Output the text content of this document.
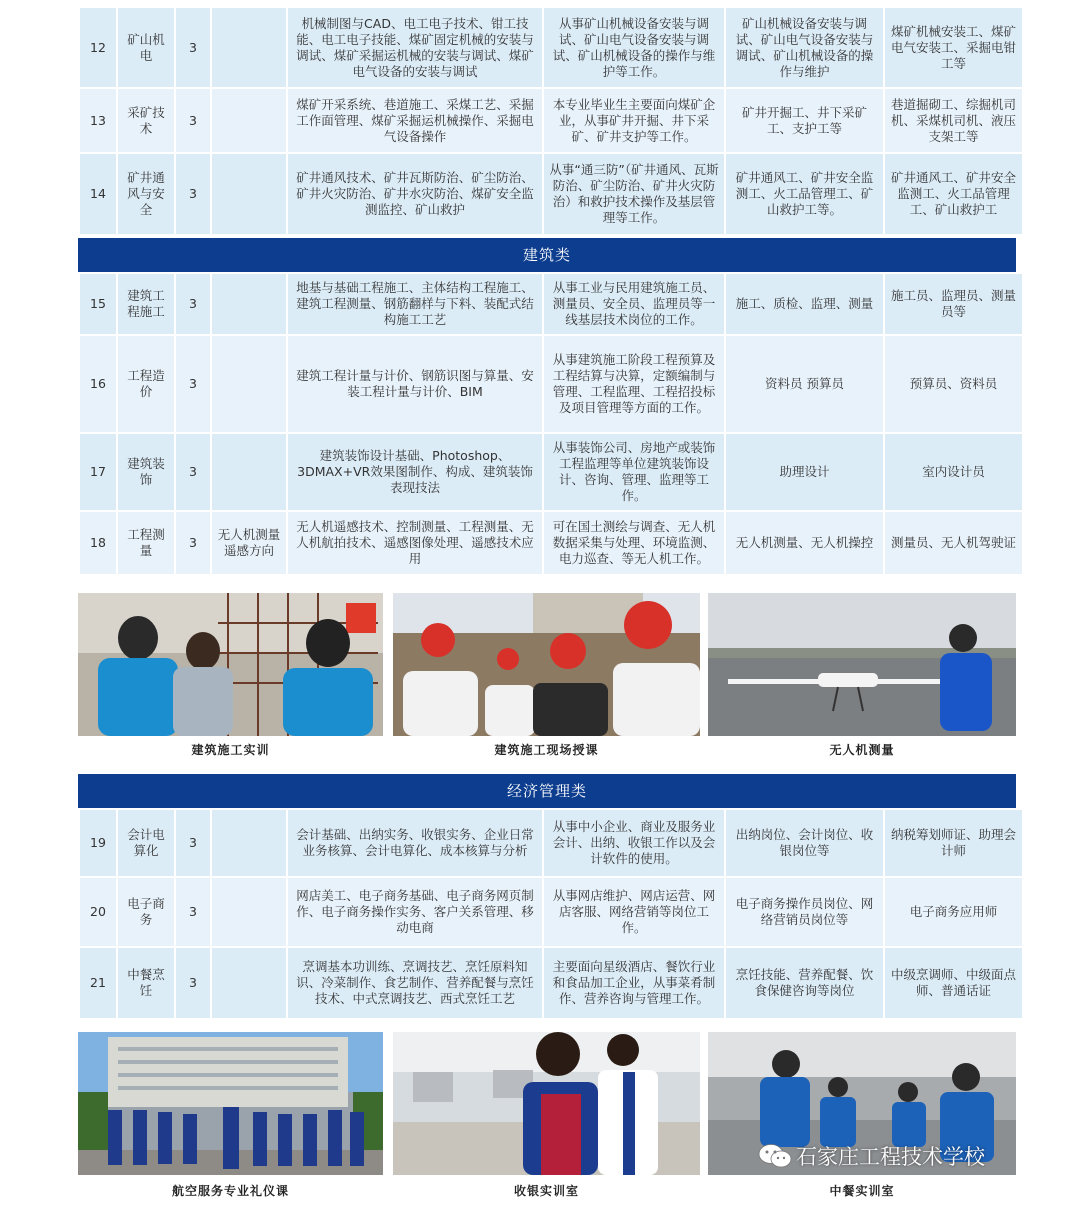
12	矿山机电	3		机械制图与CAD、电工电子技术、钳工技能、电工电子技能、煤矿固定机械的安装与调试、煤矿采掘运机械的安装与调试、煤矿电气设备的安装与调试	从事矿山机械设备安装与调试、矿山电气设备安装与调试、矿山机械设备的操作与维护等工作。	矿山机械设备安装与调试、矿山电气设备安装与调试、矿山机械设备的操作与维护	煤矿机械安装工、煤矿电气安装工、采掘电钳工等
13	采矿技术	3		煤矿开采系统、巷道施工、采煤工艺、采掘工作面管理、煤矿采掘运机械操作、采掘电气设备操作	本专业毕业生主要面向煤矿企业，从事矿井开掘、井下采矿、矿井支护等工作。	矿井开掘工、井下采矿工、支护工等	巷道掘砌工、综掘机司机、采煤机司机、液压支架工等
14	矿井通风与安全	3		矿井通风技术、矿井瓦斯防治、矿尘防治、矿井火灾防治、矿井水灾防治、煤矿安全监测监控、矿山救护	从事“通三防”（矿井通风、瓦斯防治、矿尘防治、矿井火灾防治）和救护技术操作及基层管理等工作。	矿井通风工、矿井安全监测工、火工品管理工、矿山救护工等。	矿井通风工、矿井安全监测工、火工品管理工、矿山救护工
建筑类
15	建筑工程施工	3		地基与基础工程施工、主体结构工程施工、建筑工程测量、钢筋翻样与下料、装配式结构施工工艺	从事工业与民用建筑施工员、测量员、安全员、监理员等一线基层技术岗位的工作。	施工、质检、监理、测量	施工员、监理员、测量员等
16	工程造价	3		建筑工程计量与计价、钢筋识图与算量、安装工程计量与计价、BIM	从事建筑施工阶段工程预算及工程结算与决算，定额编制与管理、工程监理、工程招投标及项目管理等方面的工作。	资料员 预算员	预算员、资料员
17	建筑装饰	3		建筑装饰设计基础、Photoshop、3DMAX+VR效果图制作、构成、建筑装饰表现技法	从事装饰公司、房地产或装饰工程监理等单位建筑装饰设计、咨询、管理、监理等工作。	助理设计	室内设计员
18	工程测量	3	无人机测量遥感方向	无人机遥感技术、控制测量、工程测量、无人机航拍技术、遥感图像处理、遥感技术应用	可在国土测绘与调查、无人机数据采集与处理、环境监测、电力巡查、等无人机工作。	无人机测量、无人机操控	测量员、无人机驾驶证
建筑施工实训	建筑施工现场授课	无人机测量
经济管理类
19	会计电算化	3		会计基础、出纳实务、收银实务、企业日常业务核算、会计电算化、成本核算与分析	从事中小企业、商业及服务业会计、出纳、收银工作以及会计软件的使用。	出纳岗位、会计岗位、收银岗位等	纳税筹划师证、助理会计师
20	电子商务	3		网店美工、电子商务基础、电子商务网页制作、电子商务操作实务、客户关系管理、移动电商	从事网店维护、网店运营、网店客服、网络营销等岗位工作。	电子商务操作员岗位、网络营销员岗位等	电子商务应用师
21	中餐烹饪	3		烹调基本功训练、烹调技艺、烹饪原料知识、冷菜制作、食艺制作、营养配餐与烹饪技术、中式烹调技艺、西式烹饪工艺	主要面向星级酒店、餐饮行业和食品加工企业，从事菜肴制作、营养咨询与管理工作。	烹饪技能、营养配餐、饮食保健咨询等岗位	中级烹调师、中级面点师、普通话证
航空服务专业礼仪课	收银实训室	中餐实训室
石家庄工程技术学校
